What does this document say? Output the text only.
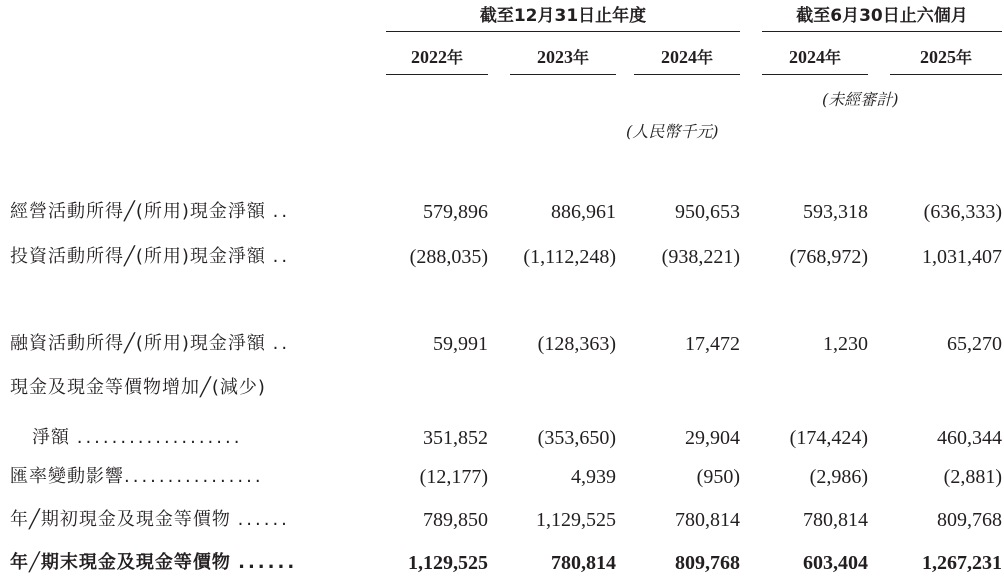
截至12月31日止年度	截至6月30日止六個月
2022年	2023年	2024年	2024年	2025年
(未經審計)
(人民幣千元)
經營活動所得╱(所用)現金淨額 ..	579,896	886,961	950,653	593,318	(636,333)
投資活動所得╱(所用)現金淨額 ..	(288,035)	(1,112,248)	(938,221)	(768,972)	1,031,407
融資活動所得╱(所用)現金淨額 ..	59,991	(128,363)	17,472	1,230	65,270
現金及現金等價物增加╱(減少)
淨額 ...................	351,852	(353,650)	29,904	(174,424)	460,344
匯率變動影響................	(12,177)	4,939	(950)	(2,986)	(2,881)
年╱期初現金及現金等價物 ......	789,850	1,129,525	780,814	780,814	809,768
年╱期末現金及現金等價物 ......	1,129,525	780,814	809,768	603,404	1,267,231
